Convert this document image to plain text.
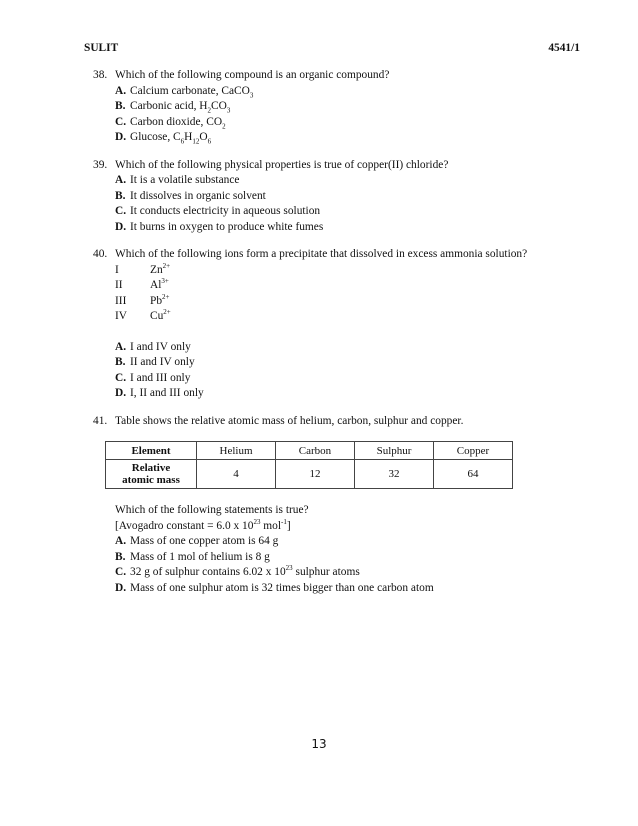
SULIT	4541/1
38. Which of the following compound is an organic compound?
A. Calcium carbonate, CaCO$_3$
B. Carbonic acid, $H_2CO_3$
C. Carbon dioxide, $CO_2$
D. Glucose, $C_6H_{12}O_6$
39. Which of the following physical properties is true of copper(II) chloride?
A. It is a volatile substance
B. It dissolves in organic solvent
C. It conducts electricity in aqueous solution
D. It burns in oxygen to produce white fumes
40. Which of the following ions form a precipitate that dissolved in excess ammonia solution?
I	$Zn^{2+}$
II	$Al^{3+}$
III	$Pb^{2+}$
IV	$Cu^{2+}$
A. I and IV only
B. II and IV only
C. I and III only
D. I, II and III only
41. Table shows the relative atomic mass of helium, carbon, sulphur and copper.
Element	Helium	Carbon	Sulphur	Copper

Relative
atomic mass	4	12	32	64
Which of the following statements is true?
[Avogadro constant = 6.0 x $10^{23}$ mol$^{-1}$]
A. Mass of one copper atom is 64 g
B. Mass of 1 mol of helium is 8 g
C. 32 g of sulphur contains 6.02 x $10^{23}$ sulphur atoms
D. Mass of one sulphur atom is 32 times bigger than one carbon atom
13
